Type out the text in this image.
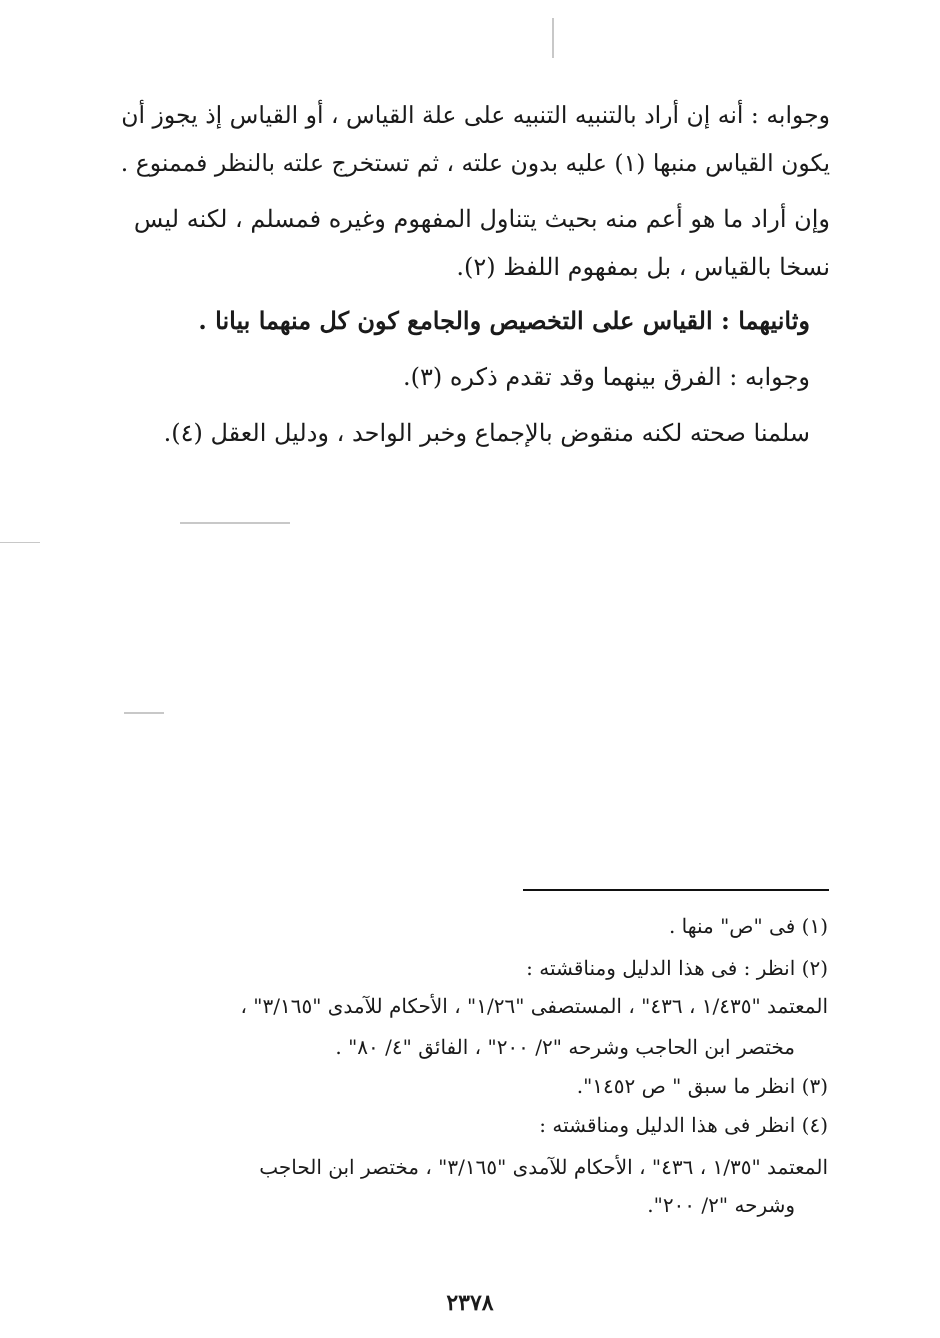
وجوابه : أنه إن أراد بالتنبيه التنبيه على علة القياس ، أو القياس إذ يجوز أن
يكون القياس منبها (١) عليه بدون علته ، ثم تستخرج علته بالنظر فممنوع .
وإن أراد ما هو أعم منه بحيث يتناول المفهوم وغيره فمسلم ، لكنه ليس
نسخا بالقياس ، بل بمفهوم اللفظ (٢).
وثانيهما : القياس على التخصيص والجامع كون كل منهما بيانا .
وجوابه : الفرق بينهما وقد تقدم ذكره (٣).
سلمنا صحته لكنه منقوض بالإجماع وخبر الواحد ، ودليل العقل (٤).
(١) فى "ص" منها .
(٢) انظر : فى هذا الدليل ومناقشته :
المعتمد "١/٤٣٥ ، ٤٣٦" ، المستصفى "١/٢٦" ، الأحكام للآمدى "٣/١٦٥" ،
مختصر ابن الحاجب وشرحه "٢/ ٢٠٠" ، الفائق "٤/ ٨٠" .
(٣) انظر ما سبق " ص ١٤٥٢".
(٤) انظر فى هذا الدليل ومناقشته :
المعتمد "١/٣٥ ، ٤٣٦" ، الأحكام للآمدى "٣/١٦٥" ، مختصر ابن الحاجب
وشرحه "٢/ ٢٠٠".
٢٣٧٨
